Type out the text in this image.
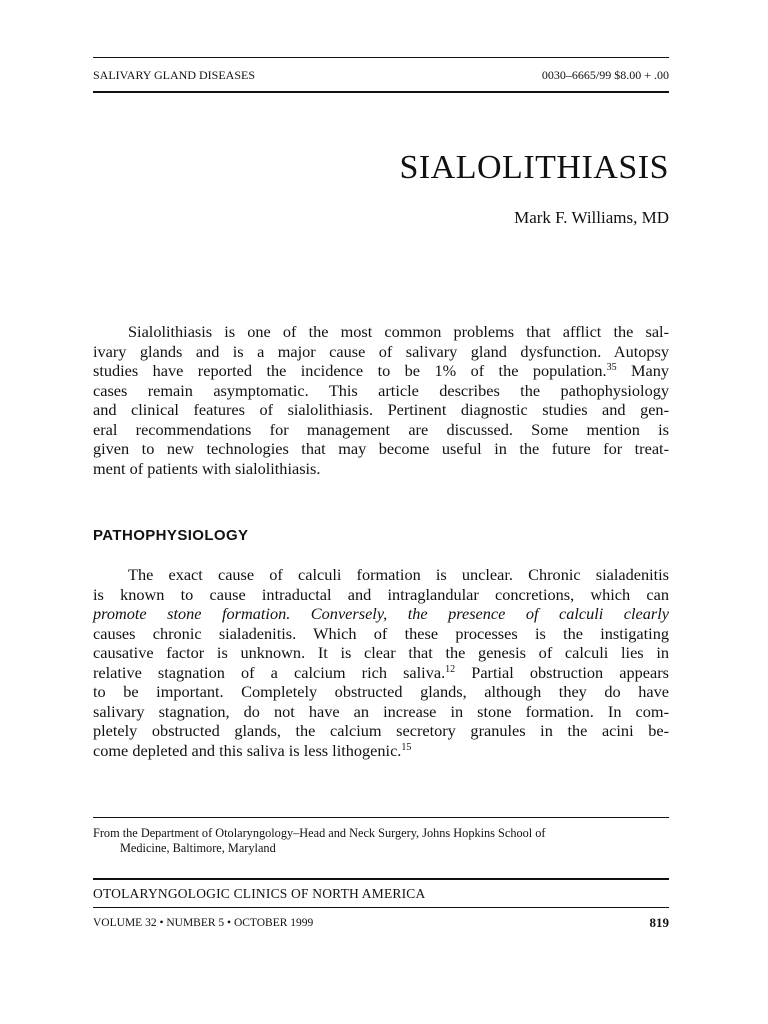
SALIVARY GLAND DISEASES	0030–6665/99 $8.00 + .00
SIALOLITHIASIS
Mark F. Williams, MD
Sialolithiasis is one of the most common problems that afflict the sal-
ivary glands and is a major cause of salivary gland dysfunction. Autopsy
studies have reported the incidence to be 1% of the population.$^{35}$ Many
cases remain asymptomatic. This article describes the pathophysiology
and clinical features of sialolithiasis. Pertinent diagnostic studies and gen-
eral recommendations for management are discussed. Some mention is
given to new technologies that may become useful in the future for treat-
ment of patients with sialolithiasis.
PATHOPHYSIOLOGY
The exact cause of calculi formation is unclear. Chronic sialadenitis
is known to cause intraductal and intraglandular concretions, which can
promote stone formation. Conversely, the presence of calculi clearly
causes chronic sialadenitis. Which of these processes is the instigating
causative factor is unknown. It is clear that the genesis of calculi lies in
relative stagnation of a calcium rich saliva.$^{12}$ Partial obstruction appears
to be important. Completely obstructed glands, although they do have
salivary stagnation, do not have an increase in stone formation. In com-
pletely obstructed glands, the calcium secretory granules in the acini be-
come depleted and this saliva is less lithogenic.$^{15}$
From the Department of Otolaryngology–Head and Neck Surgery, Johns Hopkins School of
Medicine, Baltimore, Maryland
OTOLARYNGOLOGIC CLINICS OF NORTH AMERICA
VOLUME 32 • NUMBER 5 • OCTOBER 1999	819
